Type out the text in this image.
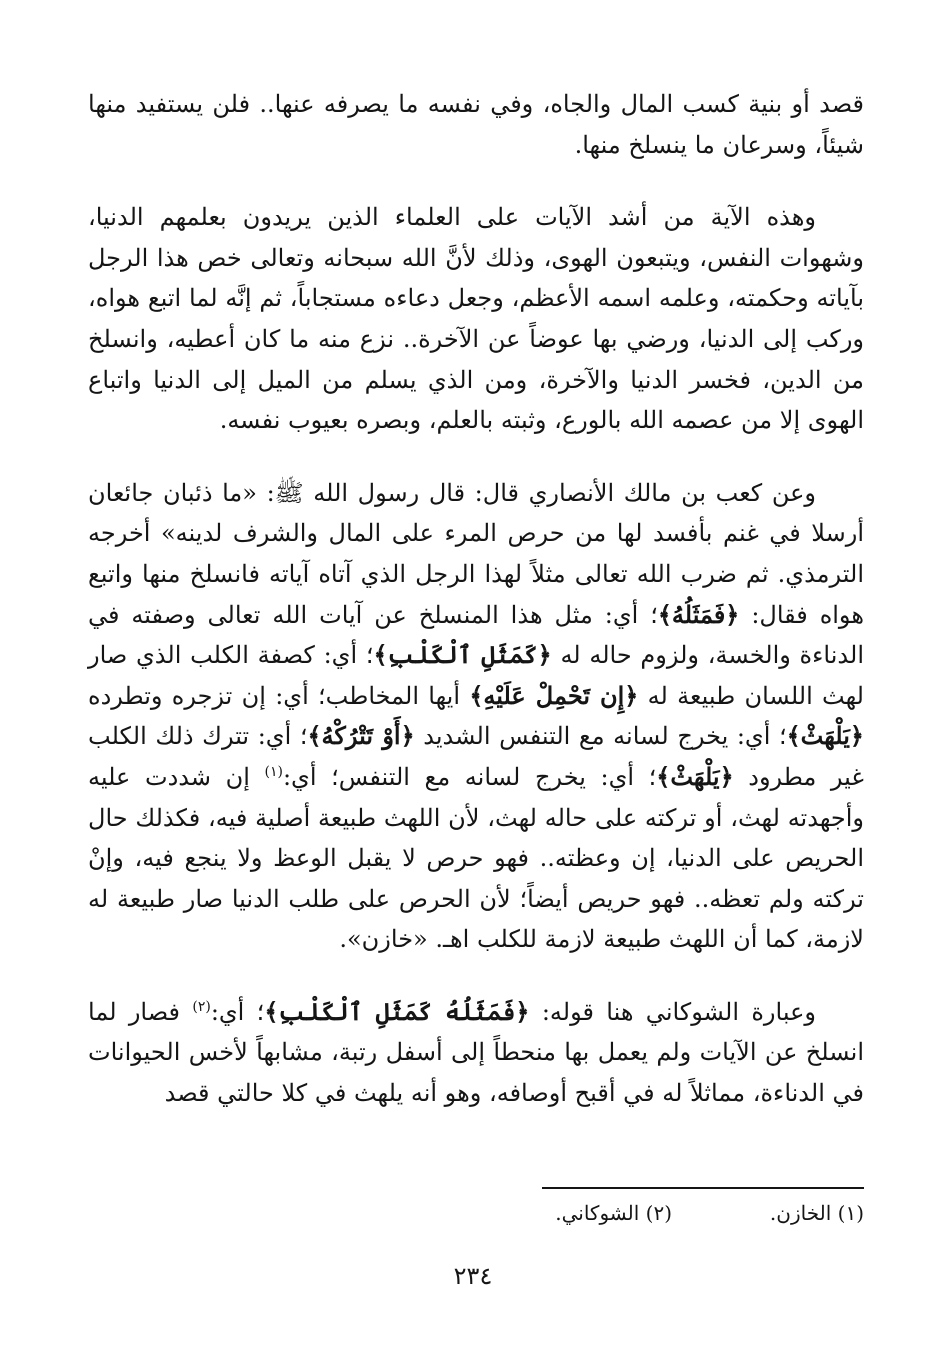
قصد أو بنية كسب المال والجاه، وفي نفسه ما يصرفه عنها.. فلن يستفيد منها شيئاً، وسرعان ما ينسلخ منها.

وهذه الآية من أشد الآيات على العلماء الذين يريدون بعلمهم الدنيا، وشهوات النفس، ويتبعون الهوى، وذلك لأنَّ الله سبحانه وتعالى خص هذا الرجل بآياته وحكمته، وعلمه اسمه الأعظم، وجعل دعاءه مستجاباً، ثم إنَّه لما اتبع هواه، وركب إلى الدنيا، ورضي بها عوضاً عن الآخرة.. نزع منه ما كان أعطيه، وانسلخ من الدين، فخسر الدنيا والآخرة، ومن الذي يسلم من الميل إلى الدنيا واتباع الهوى إلا من عصمه الله بالورع، وثبته بالعلم، وبصره بعيوب نفسه.

وعن كعب بن مالك الأنصاري قال: قال رسول الله ﷺ: «ما ذئبان جائعان أرسلا في غنم بأفسد لها من حرص المرء على المال والشرف لدينه» أخرجه الترمذي. ثم ضرب الله تعالى مثلاً لهذا الرجل الذي آتاه آياته فانسلخ منها واتبع هواه فقال: ﴿فَمَثَلُهُ﴾؛ أي: مثل هذا المنسلخ عن آيات الله تعالى وصفته في الدناءة والخسة، ولزوم حاله له ﴿كَمَثَلِ ٱلْكَلْبِ﴾؛ أي: كصفة الكلب الذي صار لهث اللسان طبيعة له ﴿إِن تَحْمِلْ عَلَيْهِ﴾ أيها المخاطب؛ أي: إن تزجره وتطرده ﴿يَلْهَثْ﴾؛ أي: يخرج لسانه مع التنفس الشديد ﴿أَوْ تَتْرُكْهُ﴾؛ أي: تترك ذلك الكلب غير مطرود ﴿يَلْهَثْ﴾؛ أي: يخرج لسانه مع التنفس؛ أي:$^{(١)}$ إن شددت عليه وأجهدته لهث، أو تركته على حاله لهث، لأن اللهث طبيعة أصلية فيه، فكذلك حال الحريص على الدنيا، إن وعظته.. فهو حرص لا يقبل الوعظ ولا ينجع فيه، وإنْ تركته ولم تعظه.. فهو حريص أيضاً؛ لأن الحرص على طلب الدنيا صار طبيعة له لازمة، كما أن اللهث طبيعة لازمة للكلب اهـ. «خازن».

وعبارة الشوكاني هنا قوله: ﴿فَمَثَلُهُ كَمَثَلِ ٱلْكَلْبِ﴾؛ أي:$^{(٢)}$ فصار لما انسلخ عن الآيات ولم يعمل بها منحطاً إلى أسفل رتبة، مشابهاً لأخس الحيوانات في الدناءة، مماثلاً له في أقبح أوصافه، وهو أنه يلهث في كلا حالتي قصد

(١) الخازن.
(٢) الشوكاني.
٢٣٤
